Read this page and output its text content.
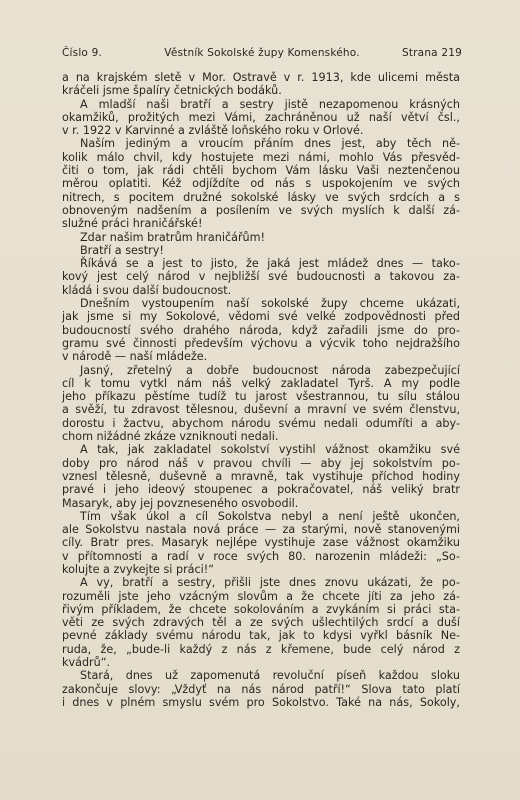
Číslo 9.	Věstník Sokolské župy Komenského.	Strana 219
a na krajském sletě v Mor. Ostravě v r. 1913, kde ulicemi města
kráčeli jsme špalíry četnických bodáků.
A mladší naši bratří a sestry jistě nezapomenou krásných
okamžiků, prožitých mezi Vámi, zachráněnou už naší větví čsl.,
v r. 1922 v Karvinné a zvláště loňského roku v Orlové.
Naším jediným a vroucím přáním dnes jest, aby těch ně-
kolik málo chvil, kdy hostujete mezi námi, mohlo Vás přesvěd-
čiti o tom, jak rádi chtěli bychom Vám lásku Vaši neztenčenou
měrou oplatiti. Kéž odjíždíte od nás s uspokojením ve svých
nitrech, s pocitem družné sokolské lásky ve svých srdcích a s
obnoveným nadšením a posílením ve svých myslích k další zá-
služné práci hraničářské!
Zdar našim bratrům hraničářům!
Bratří a sestry!
Říkává se a jest to jisto, že jaká jest mládež dnes — tako-
kový jest celý národ v nejbližší své budoucnosti a takovou za-
kládá i svou další budoucnost.
Dnešním vystoupením naší sokolské župy chceme ukázati,
jak jsme si my Sokolové, vědomi své velké zodpovědnosti před
budoucností svého drahého národa, když zařadili jsme do pro-
gramu své činnosti především výchovu a výcvik toho nejdražšího
v národě — naší mládeže.
Jasný, zřetelný a dobře budoucnost národa zabezpečující
cíl k tomu vytkl nám náš velký zakladatel Tyrš. A my podle
jeho příkazu pěstíme tudíž tu jarost všestrannou, tu sílu stálou
a svěží, tu zdravost tělesnou, duševní a mravní ve svém členstvu,
dorostu i žactvu, abychom národu svému nedali odumříti a aby-
chom nižádné zkáze vzniknouti nedali.
A tak, jak zakladatel sokolství vystihl vážnost okamžiku své
doby pro národ náš v pravou chvíli — aby jej sokolstvím po-
vznesl tělesně, duševně a mravně, tak vystihuje příchod hodiny
pravé i jeho ideový stoupenec a pokračovatel, náš veliký bratr
Masaryk, aby jej povzneseného osvobodil.
Tím však úkol a cíl Sokolstva nebyl a není ještě ukončen,
ale Sokolstvu nastala nová práce — za starými, nově stanovenými
cíly. Bratr pres. Masaryk nejlépe vystihuje zase vážnost okamžiku
v přítomnosti a radí v roce svých 80. narozenin mládeži: „So-
kolujte a zvykejte si práci!“
A vy, bratří a sestry, přišli jste dnes znovu ukázati, že po-
rozuměli jste jeho vzácným slovům a že chcete jíti za jeho zá-
řivým příkladem, že chcete sokolováním a zvykáním si práci sta-
věti ze svých zdravých těl a ze svých ušlechtilých srdcí a duší
pevné základy svému národu tak, jak to kdysi vyřkl básník Ne-
ruda, že, „bude-li každý z nás z křemene, bude celý národ z
kvádrů“.
Stará, dnes už zapomenutá revoluční píseň každou sloku
zakončuje slovy: „Vždyť na nás národ patří!“ Slova tato platí
i dnes v plném smyslu svém pro Sokolstvo. Také na nás, Sokoly,
